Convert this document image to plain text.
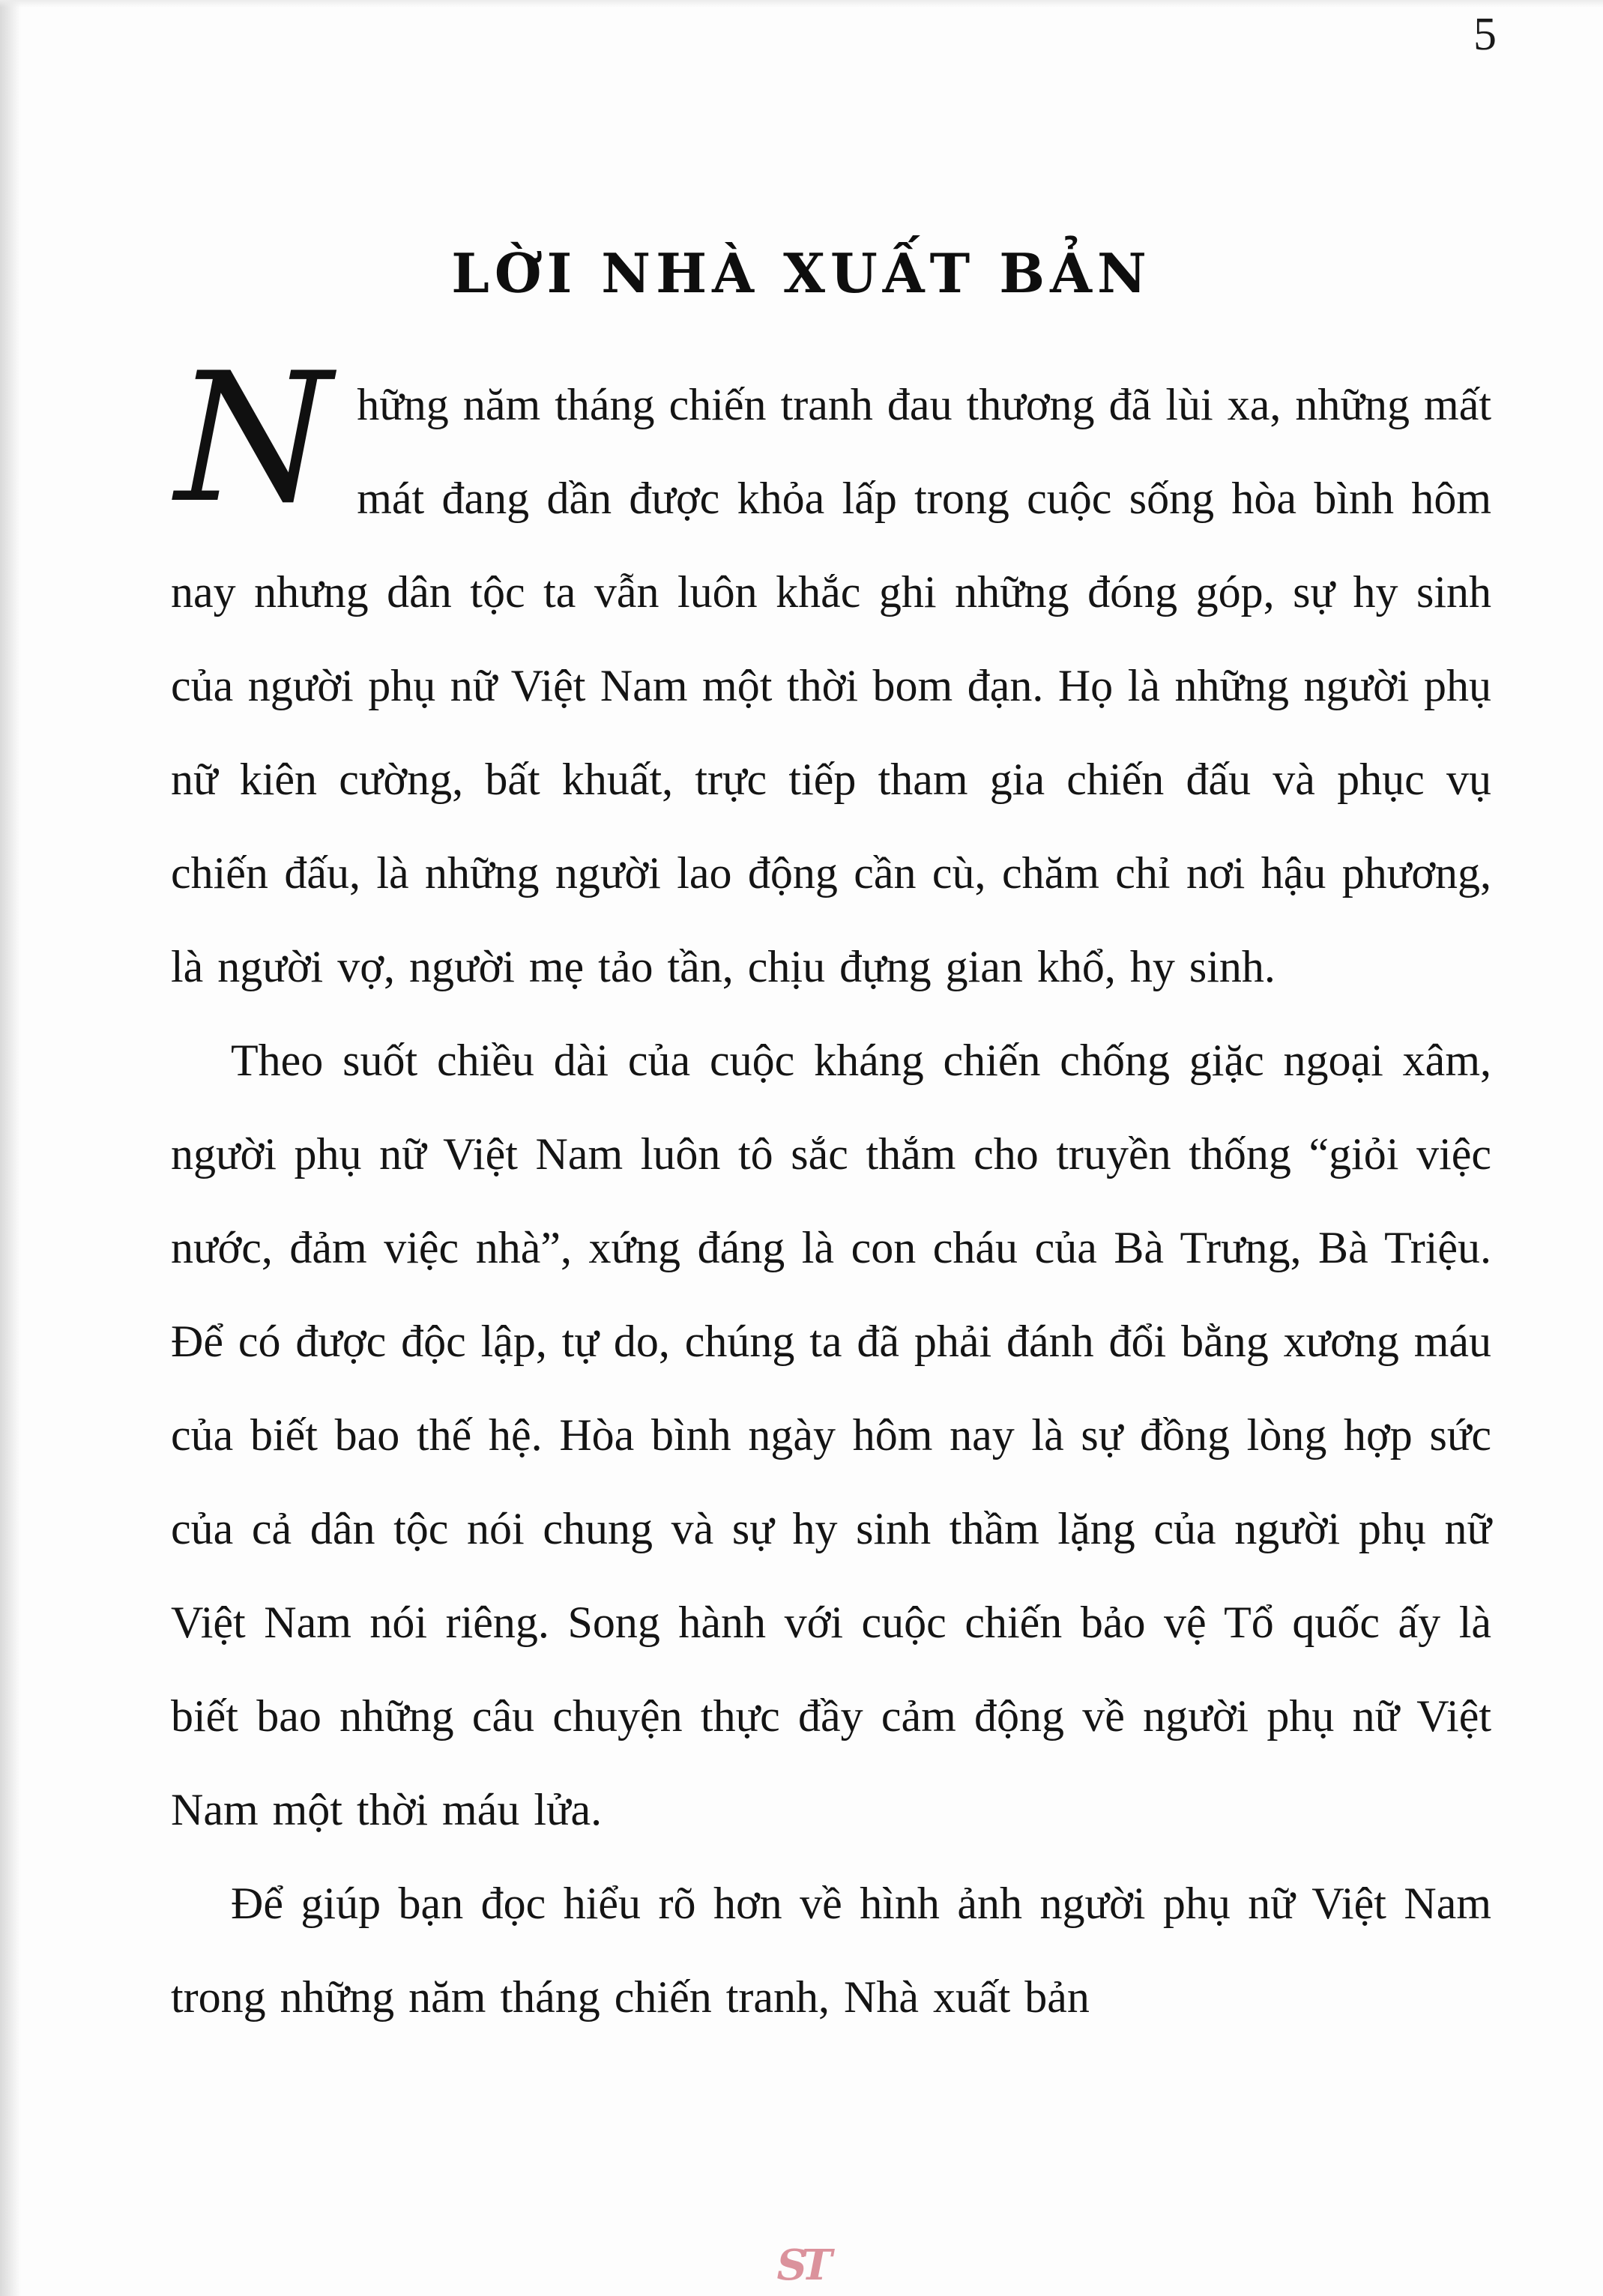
5
LỜI NHÀ XUẤT BẢN

Những năm tháng chiến tranh đau thương đã lùi xa, những mất mát đang dần được khỏa lấp trong cuộc sống hòa bình hôm nay nhưng dân tộc ta vẫn luôn khắc ghi những đóng góp, sự hy sinh của người phụ nữ Việt Nam một thời bom đạn. Họ là những người phụ nữ kiên cường, bất khuất, trực tiếp tham gia chiến đấu và phục vụ chiến đấu, là những người lao động cần cù, chăm chỉ nơi hậu phương, là người vợ, người mẹ tảo tần, chịu đựng gian khổ, hy sinh.

Theo suốt chiều dài của cuộc kháng chiến chống giặc ngoại xâm, người phụ nữ Việt Nam luôn tô sắc thắm cho truyền thống “giỏi việc nước, đảm việc nhà”, xứng đáng là con cháu của Bà Trưng, Bà Triệu. Để có được độc lập, tự do, chúng ta đã phải đánh đổi bằng xương máu của biết bao thế hệ. Hòa bình ngày hôm nay là sự đồng lòng hợp sức của cả dân tộc nói chung và sự hy sinh thầm lặng của người phụ nữ Việt Nam nói riêng. Song hành với cuộc chiến bảo vệ Tổ quốc ấy là biết bao những câu chuyện thực đầy cảm động về người phụ nữ Việt Nam một thời máu lửa.

Để giúp bạn đọc hiểu rõ hơn về hình ảnh người phụ nữ Việt Nam trong những năm tháng chiến tranh, Nhà xuất bản

ST
